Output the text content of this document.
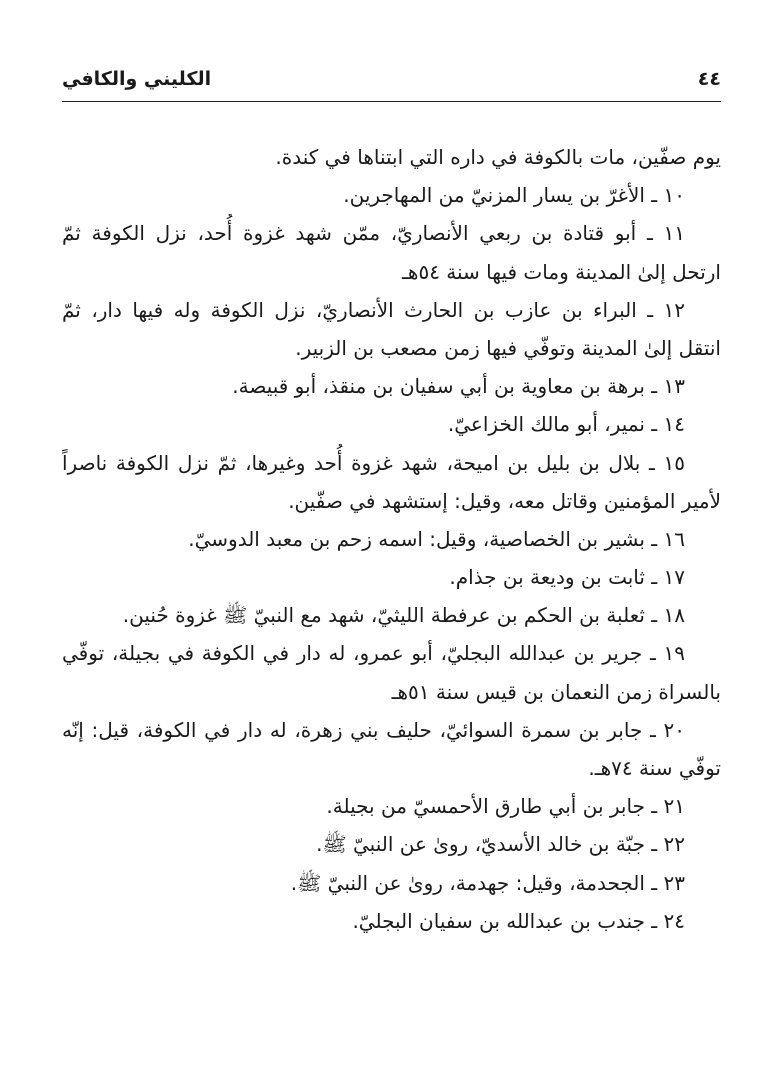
٤٤
الكليني والكافي
يوم صفّين، مات بالكوفة في داره التي ابتناها في كندة.
١٠ ـ الأغرّ بن يسار المزنيّ من المهاجرين.
١١ ـ أبو قتادة بن ربعي الأنصاريّ، ممّن شهد غزوة أُحد، نزل الكوفة ثمّ
ارتحل إلىٰ المدينة ومات فيها سنة ٥٤هـ
١٢ ـ البراء بن عازب بن الحارث الأنصاريّ، نزل الكوفة وله فيها دار، ثمّ
انتقل إلىٰ المدينة وتوفّي فيها زمن مصعب بن الزبير.
١٣ ـ برهة بن معاوية بن أبي سفيان بن منقذ، أبو قبيصة.
١٤ ـ نمير، أبو مالك الخزاعيّ.
١٥ ـ بلال بن بليل بن اميحة، شهد غزوة أُحد وغيرها، ثمّ نزل الكوفة ناصراً
لأمير المؤمنين وقاتل معه، وقيل: إستشهد في صفّين.
١٦ ـ بشير بن الخصاصية، وقيل: اسمه زحم بن معبد الدوسيّ.
١٧ ـ ثابت بن وديعة بن جذام.
١٨ ـ ثعلبة بن الحكم بن عرفطة الليثيّ، شهد مع النبيّ ﷺ غزوة حُنين.
١٩ ـ جرير بن عبدالله البجليّ، أبو عمرو، له دار في الكوفة في بجيلة، توفّي
بالسراة زمن النعمان بن قيس سنة ٥١هـ
٢٠ ـ جابر بن سمرة السوائيّ، حليف بني زهرة، له دار في الكوفة، قيل: إنّه
توفّي سنة ٧٤هـ.
٢١ ـ جابر بن أبي طارق الأحمسيّ من بجيلة.
٢٢ ـ جبّة بن خالد الأسديّ، روىٰ عن النبيّ ﷺ.
٢٣ ـ الجحدمة، وقيل: جهدمة، روىٰ عن النبيّ ﷺ.
٢٤ ـ جندب بن عبدالله بن سفيان البجليّ.
